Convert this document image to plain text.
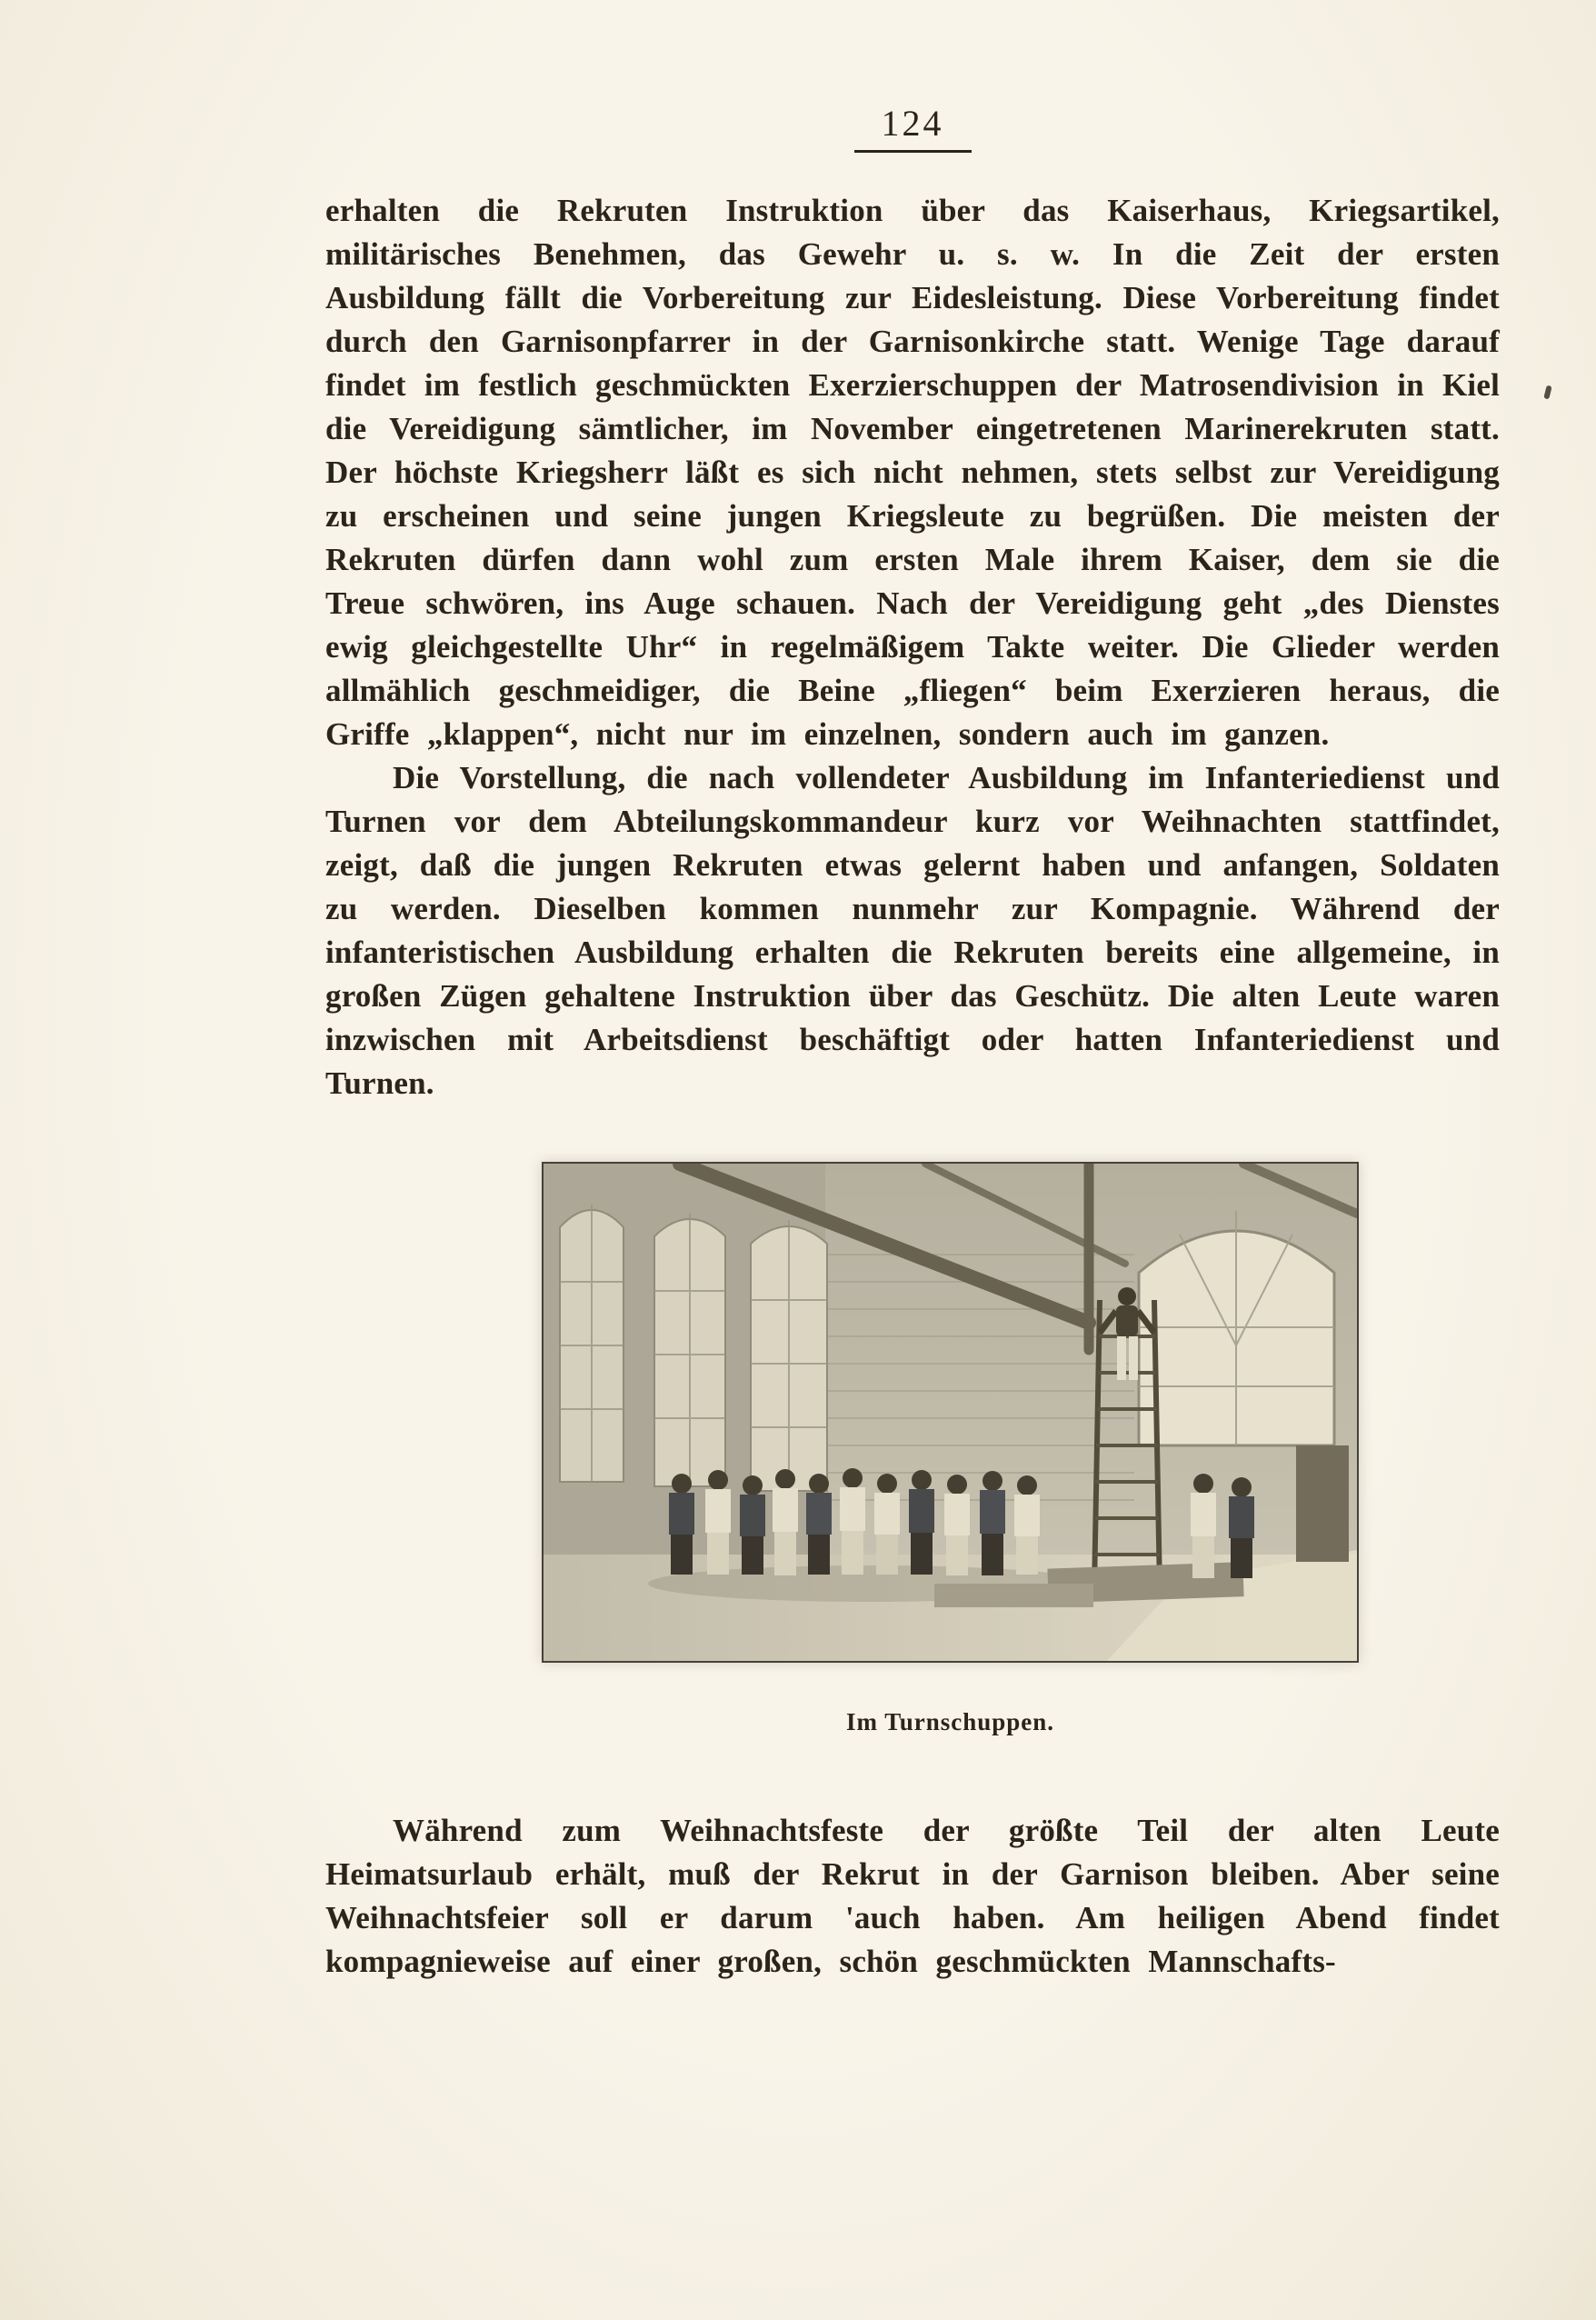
124

erhalten die Rekruten Instruktion über das Kaiserhaus, Kriegsartikel, militärisches Benehmen, das Gewehr u. s. w. In die Zeit der ersten Ausbildung fällt die Vorbereitung zur Eidesleistung. Diese Vorbereitung findet durch den Garnisonpfarrer in der Garnisonkirche statt. Wenige Tage darauf findet im festlich geschmückten Exerzierschuppen der Matrosendivision in Kiel die Vereidigung sämtlicher, im November eingetretenen Marinerekruten statt. Der höchste Kriegsherr läßt es sich nicht nehmen, stets selbst zur Vereidigung zu erscheinen und seine jungen Kriegsleute zu begrüßen. Die meisten der Rekruten dürfen dann wohl zum ersten Male ihrem Kaiser, dem sie die Treue schwören, ins Auge schauen. Nach der Vereidigung geht „des Dienstes ewig gleichgestellte Uhr“ in regelmäßigem Takte weiter. Die Glieder werden allmählich geschmeidiger, die Beine „fliegen“ beim Exerzieren heraus, die Griffe „klappen“, nicht nur im einzelnen, sondern auch im ganzen.

Die Vorstellung, die nach vollendeter Ausbildung im Infanteriedienst und Turnen vor dem Abteilungskommandeur kurz vor Weihnachten stattfindet, zeigt, daß die jungen Rekruten etwas gelernt haben und anfangen, Soldaten zu werden. Dieselben kommen nunmehr zur Kompagnie. Während der infanteristischen Ausbildung erhalten die Rekruten bereits eine allgemeine, in großen Zügen gehaltene Instruktion über das Geschütz. Die alten Leute waren inzwischen mit Arbeitsdienst beschäftigt oder hatten Infanteriedienst und Turnen.

Im Turnschuppen.

Während zum Weihnachtsfeste der größte Teil der alten Leute Heimatsurlaub erhält, muß der Rekrut in der Garnison bleiben. Aber seine Weihnachtsfeier soll er darum 'auch haben. Am heiligen Abend findet kompagnieweise auf einer großen, schön geschmückten Mannschafts-
